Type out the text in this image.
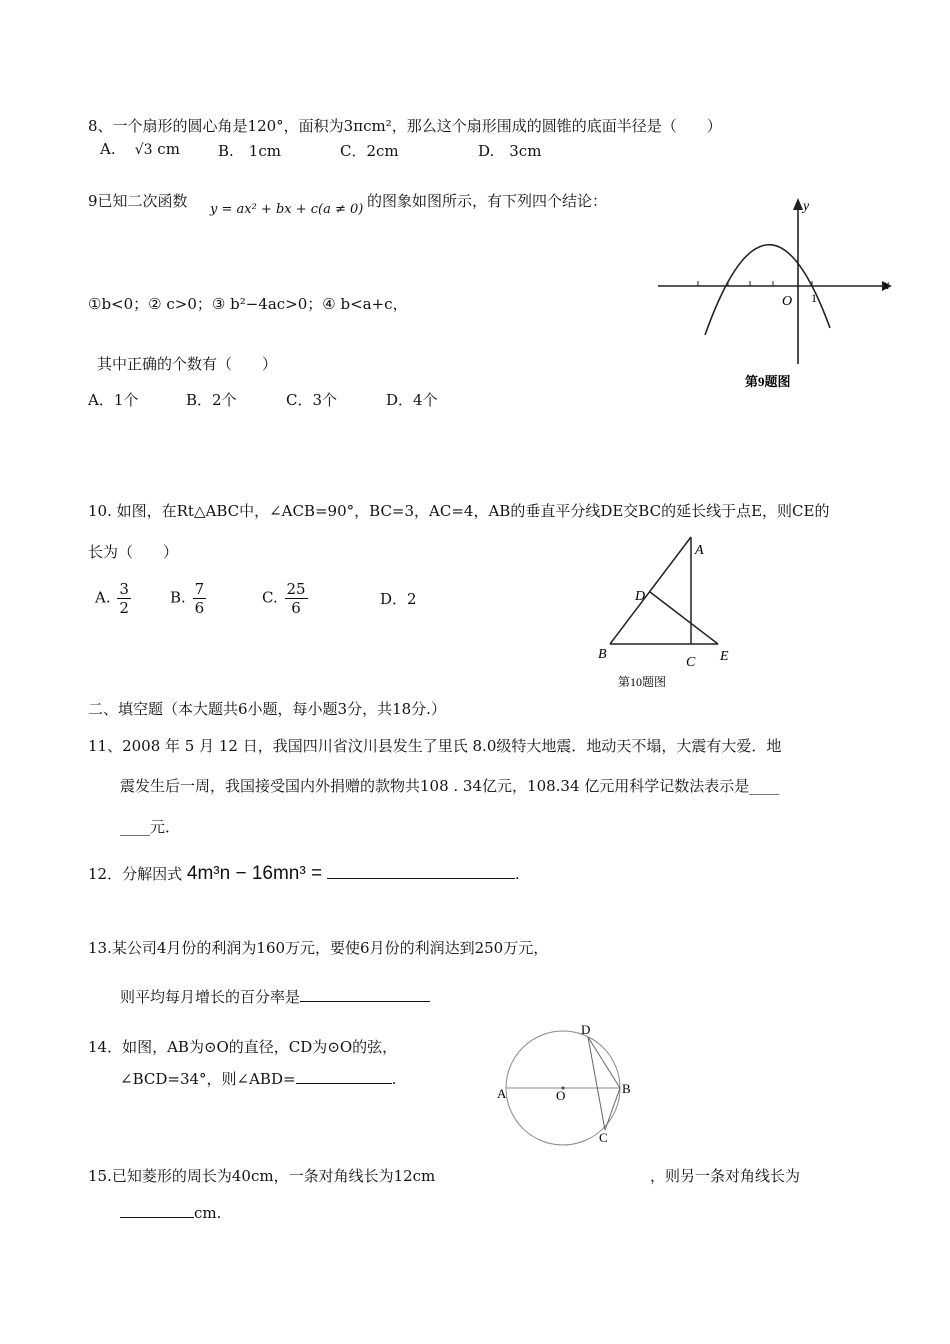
8、一个扇形的圆心角是120°，面积为3πcm²，那么这个扇形围成的圆锥的底面半径是（　　）
A. √3 cm	B.　1cm	C．2cm	D.　3cm
9已知二次函数 y = ax² + bx + c(a ≠ 0) 的图象如图所示，有下列四个结论：
①b<0；② c>0；③ b²−4ac>0；④ b<a+c，
其中正确的个数有（　　）
A．1个	B．2个	C．3个	D．4个
x
y
O 1
第9题图
10. 如图，在Rt△ABC中，∠ACB=90°，BC=3，AC=4，AB的垂直平分线DE交BC的延长线于点E，则CE的
长为（　　）
A. $\frac{3}{2}$	B. $\frac{7}{6}$	C. $\frac{25}{6}$	D．2
A
D
B
C E
第10题图
二、填空题（本大题共6小题，每小题3分，共18分.）
11、2008 年 5 月 12 日，我国四川省汶川县发生了里氏 8.0级特大地震．地动天不塌，大震有大爱．地
震发生后一周，我国接受国内外捐赠的款物共108 . 34亿元，108.34 亿元用科学记数法表示是____
____元．
12．分解因式 4m³n − 16mn³ =	.
13.某公司4月份的利润为160万元，要使6月份的利润达到250万元，
则平均每月增长的百分率是
14．如图，AB为⊙O的直径，CD为⊙O的弦，
∠BCD=34°，则∠ABD=	.
D
A	O	B
C
15.已知菱形的周长为40cm，一条对角线长为12cm	，则另一条对角线长为
cm.
